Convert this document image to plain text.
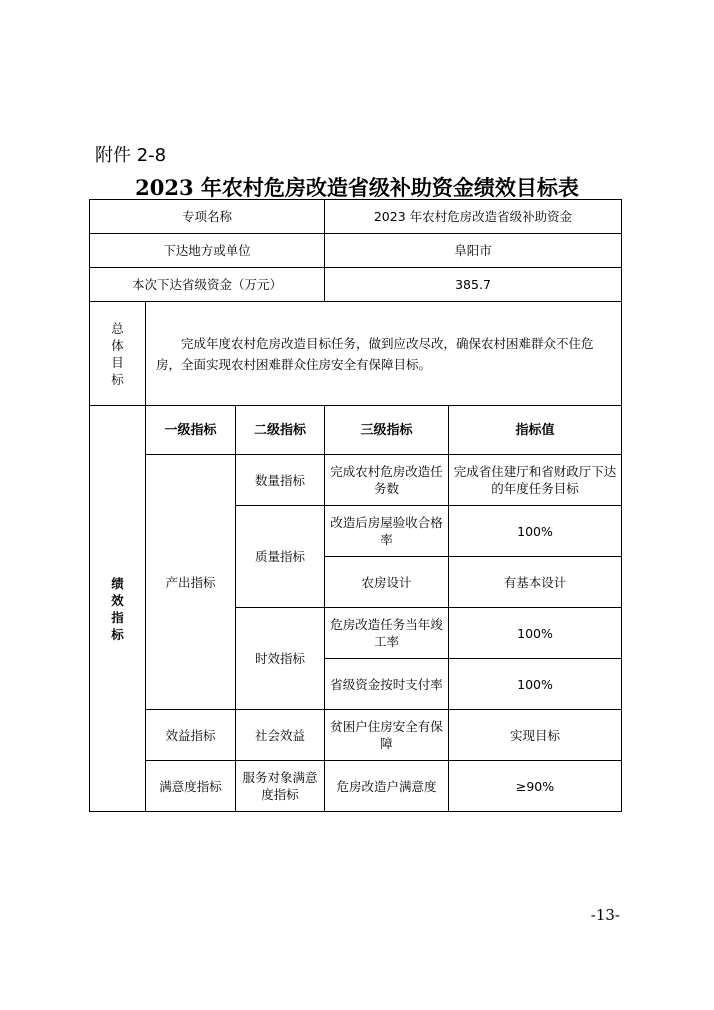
附件 2-8
2023 年农村危房改造省级补助资金绩效目标表
专项名称			2023 年农村危房改造省级补助资金	
下达地方或单位			阜阳市	
本次下达省级资金（万元）			385.7	

总体目标	完成年度农村危房改造目标任务，做到应改尽改，确保农村困难群众不住危房，全面实现农村困难群众住房安全有保障目标。			

绩效指标	一级指标	二级指标	三级指标	指标值
	产出指标	数量指标	完成农村危房改造任务数	完成省住建厅和省财政厅下达的年度任务目标
		质量指标	改造后房屋验收合格率	100%
			农房设计	有基本设计
		时效指标	危房改造任务当年竣工率	100%
			省级资金按时支付率	100%
	效益指标	社会效益	贫困户住房安全有保障	实现目标
	满意度指标	服务对象满意度指标	危房改造户满意度	≥90%
-13-
